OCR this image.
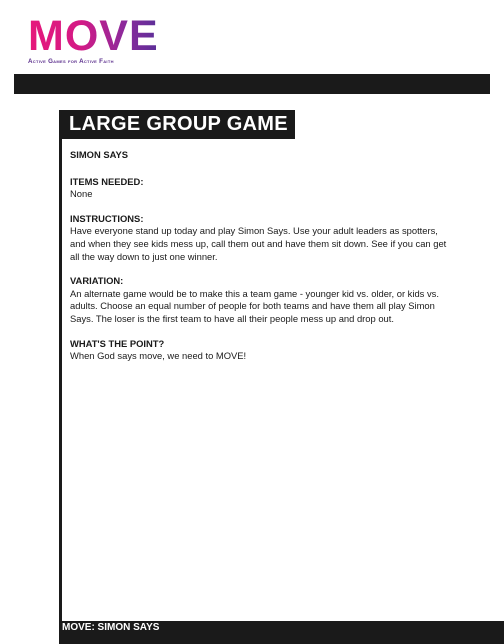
MOVE
Active Games for Active Faith
LARGE GROUP GAME
SIMON SAYS
ITEMS NEEDED:

None

INSTRUCTIONS:

Have everyone stand up today and play Simon Says. Use your adult leaders as spotters, and when they see kids mess up, call them out and have them sit down. See if you can get all the way down to just one winner.

VARIATION:

An alternate game would be to make this a team game - younger kid vs. older, or kids vs. adults. Choose an equal number of people for both teams and have them all play Simon Says. The loser is the first team to have all their people mess up and drop out.

WHAT'S THE POINT?

When God says move, we need to MOVE!

MOVE: SIMON SAYS
